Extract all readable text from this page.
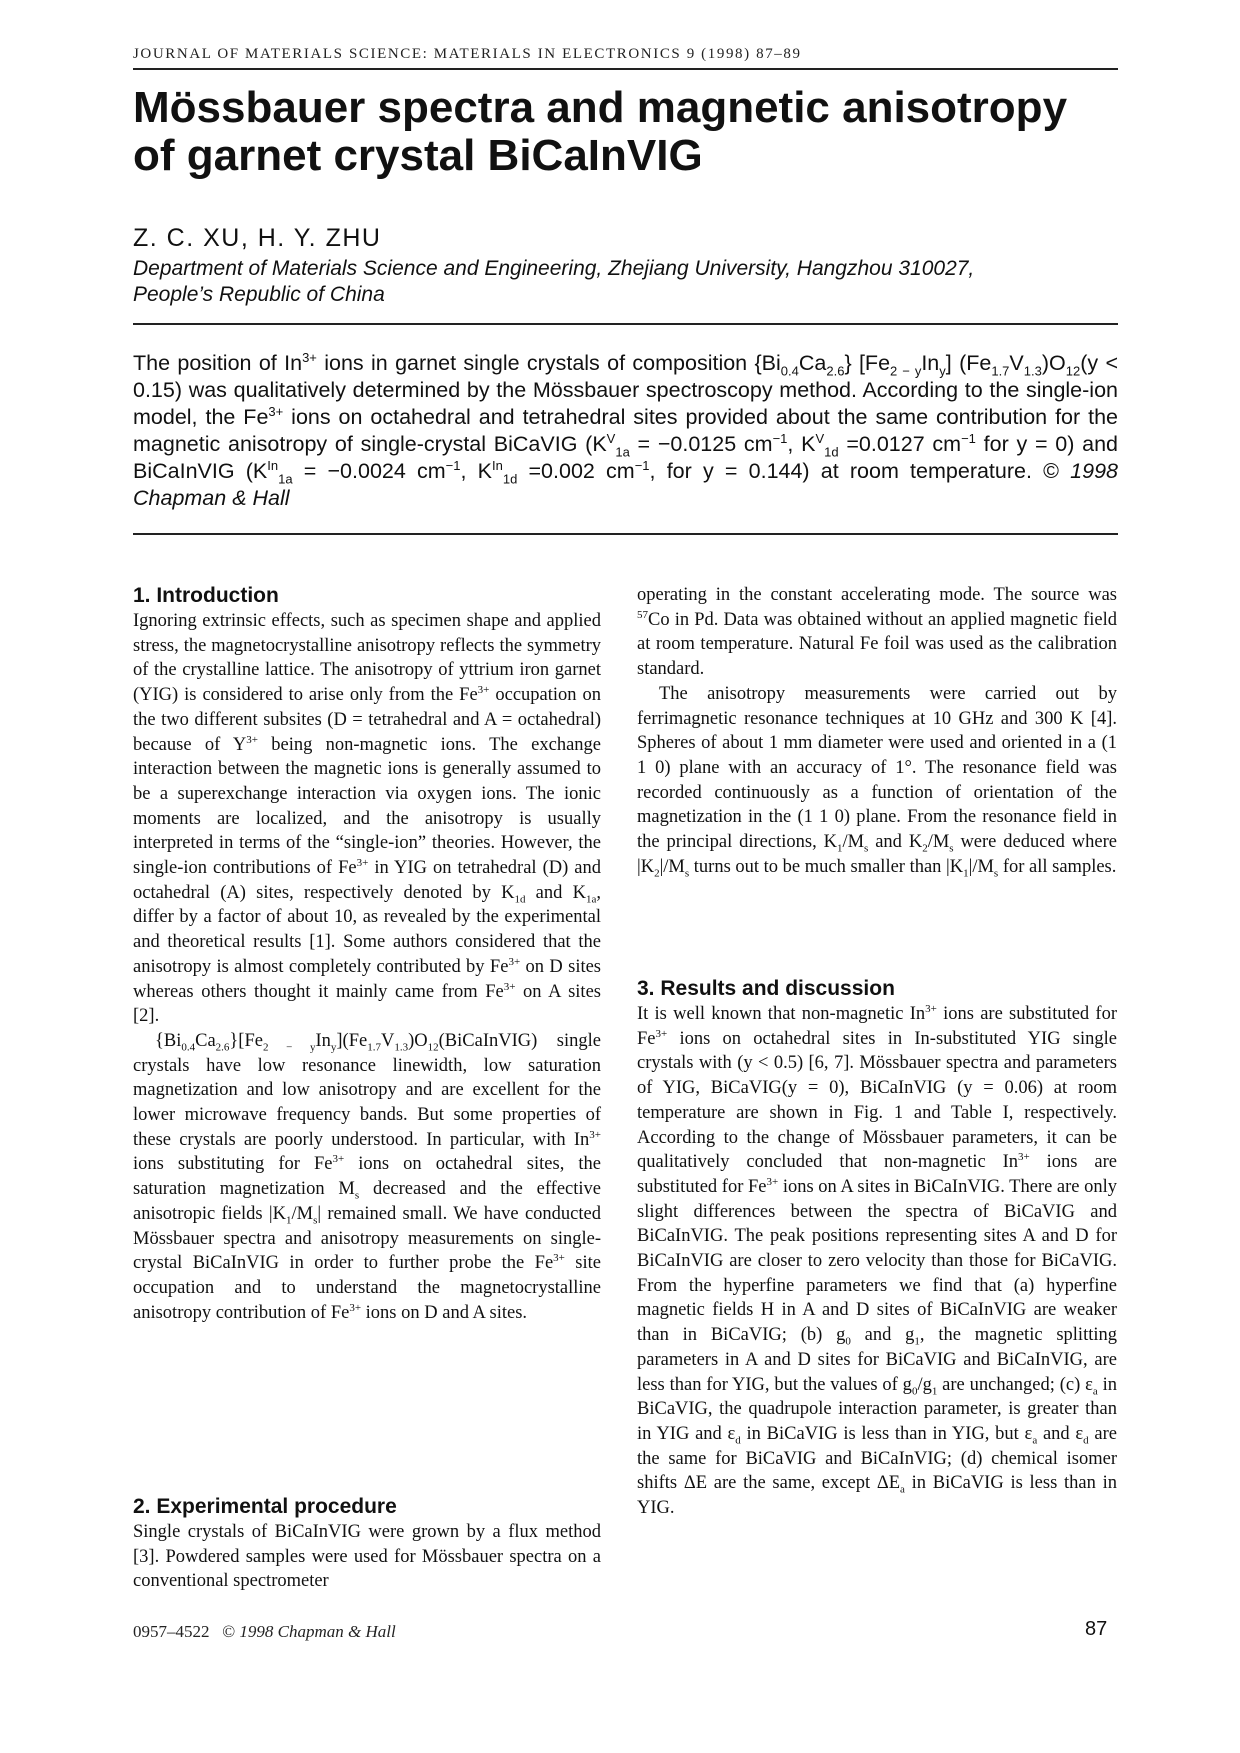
JOURNAL OF MATERIALS SCIENCE: MATERIALS IN ELECTRONICS 9 (1998) 87–89
Mössbauer spectra and magnetic anisotropy
of garnet crystal BiCaInVIG
Z. C. XU, H. Y. ZHU
Department of Materials Science and Engineering, Zhejiang University, Hangzhou 310027,
People’s Republic of China
The position of $In^{3+}$ ions in garnet single crystals of composition $\{Bi_{0.4}Ca_{2.6}\}$ $[Fe_{2 - y}In_y] (Fe_{1.7}V_{1.3})O_{12}(y < 0.15)$ was qualitatively determined by the Mössbauer spectroscopy method. According to the single-ion model, the $Fe^{3+}$ ions on octahedral and tetrahedral sites provided about the same contribution for the magnetic anisotropy of single-crystal BiCaVIG ($K^V_{1a} = -0.0125$ $cm^{-1}$, $K^V_{1d} =0.0127$ $cm^{-1}$ for y = 0) and BiCaInVIG ($K^{In}_{1a} = -0.0024$ $cm^{-1}$, $K^{In}_{1d} =0.002$ $cm^{-1}$, for y = 0.144) at room temperature. © 1998 Chapman & Hall
1. Introduction

Ignoring extrinsic effects, such as specimen shape and applied stress, the magnetocrystalline anisotropy reflects the symmetry of the crystalline lattice. The anisotropy of yttrium iron garnet (YIG) is considered to arise only from the $Fe^{3+}$ occupation on the two different subsites (D = tetrahedral and A = octahedral) because of $Y^{3+}$ being non-magnetic ions. The exchange interaction between the magnetic ions is generally assumed to be a superexchange interaction via oxygen ions. The ionic moments are localized, and the anisotropy is usually interpreted in terms of the “single-ion” theories. However, the single-ion contributions of $Fe^{3+}$ in YIG on tetrahedral (D) and octahedral (A) sites, respectively denoted by $K_{1d}$ and $K_{1a}$, differ by a factor of about 10, as revealed by the experimental and theoretical results [1]. Some authors considered that the anisotropy is almost completely contributed by $Fe^{3+}$ on D sites whereas others thought it mainly came from $Fe^{3+}$ on A sites [2].

$\{Bi_{0.4}Ca_{2.6}\}[Fe_{2 - y}In_y](Fe_{1.7}V_{1.3})O_{12}(BiCaInVIG)$ single crystals have low resonance linewidth, low saturation magnetization and low anisotropy and are excellent for the lower microwave frequency bands. But some properties of these crystals are poorly understood. In particular, with $In^{3+}$ ions substituting for $Fe^{3+}$ ions on octahedral sites, the saturation magnetization $M_s$ decreased and the effective anisotropic fields $|K_1/M_s|$ remained small. We have conducted Mössbauer spectra and anisotropy measurements on single-crystal BiCaInVIG in order to further probe the $Fe^{3+}$ site occupation and to understand the magnetocrystalline anisotropy contribution of $Fe^{3+}$ ions on D and A sites.

2. Experimental procedure

Single crystals of BiCaInVIG were grown by a flux method [3]. Powdered samples were used for Mössbauer spectra on a conventional spectrometer

operating in the constant accelerating mode. The source was $^{57}$Co in Pd. Data was obtained without an applied magnetic field at room temperature. Natural Fe foil was used as the calibration standard.

The anisotropy measurements were carried out by ferrimagnetic resonance techniques at 10 GHz and 300 K [4]. Spheres of about 1 mm diameter were used and oriented in a (1 1 0) plane with an accuracy of 1°. The resonance field was recorded continuously as a function of orientation of the magnetization in the (1 1 0) plane. From the resonance field in the principal directions, $K_1/M_s$ and $K_2/M_s$ were deduced where $|K_2|/M_s$ turns out to be much smaller than $|K_1|/M_s$ for all samples.

3. Results and discussion

It is well known that non-magnetic $In^{3+}$ ions are substituted for $Fe^{3+}$ ions on octahedral sites in In-substituted YIG single crystals with (y < 0.5) [6, 7]. Mössbauer spectra and parameters of YIG, BiCaVIG(y = 0), BiCaInVIG (y = 0.06) at room temperature are shown in Fig. 1 and Table I, respectively. According to the change of Mössbauer parameters, it can be qualitatively concluded that non-magnetic $In^{3+}$ ions are substituted for $Fe^{3+}$ ions on A sites in BiCaInVIG. There are only slight differences between the spectra of BiCaVIG and BiCaInVIG. The peak positions representing sites A and D for BiCaInVIG are closer to zero velocity than those for BiCaVIG. From the hyperfine parameters we find that (a) hyperfine magnetic fields H in A and D sites of BiCaInVIG are weaker than in BiCaVIG; (b) $g_0$ and $g_1$, the magnetic splitting parameters in A and D sites for BiCaVIG and BiCaInVIG, are less than for YIG, but the values of $g_0/g_1$ are unchanged; (c) $\varepsilon_a$ in BiCaVIG, the quadrupole interaction parameter, is greater than in YIG and $\varepsilon_d$ in BiCaVIG is less than in YIG, but $\varepsilon_a$ and $\varepsilon_d$ are the same for BiCaVIG and BiCaInVIG; (d) chemical isomer shifts ΔE are the same, except $\Delta E_a$ in BiCaVIG is less than in YIG.

0957–4522 © 1998 Chapman & Hall	87
